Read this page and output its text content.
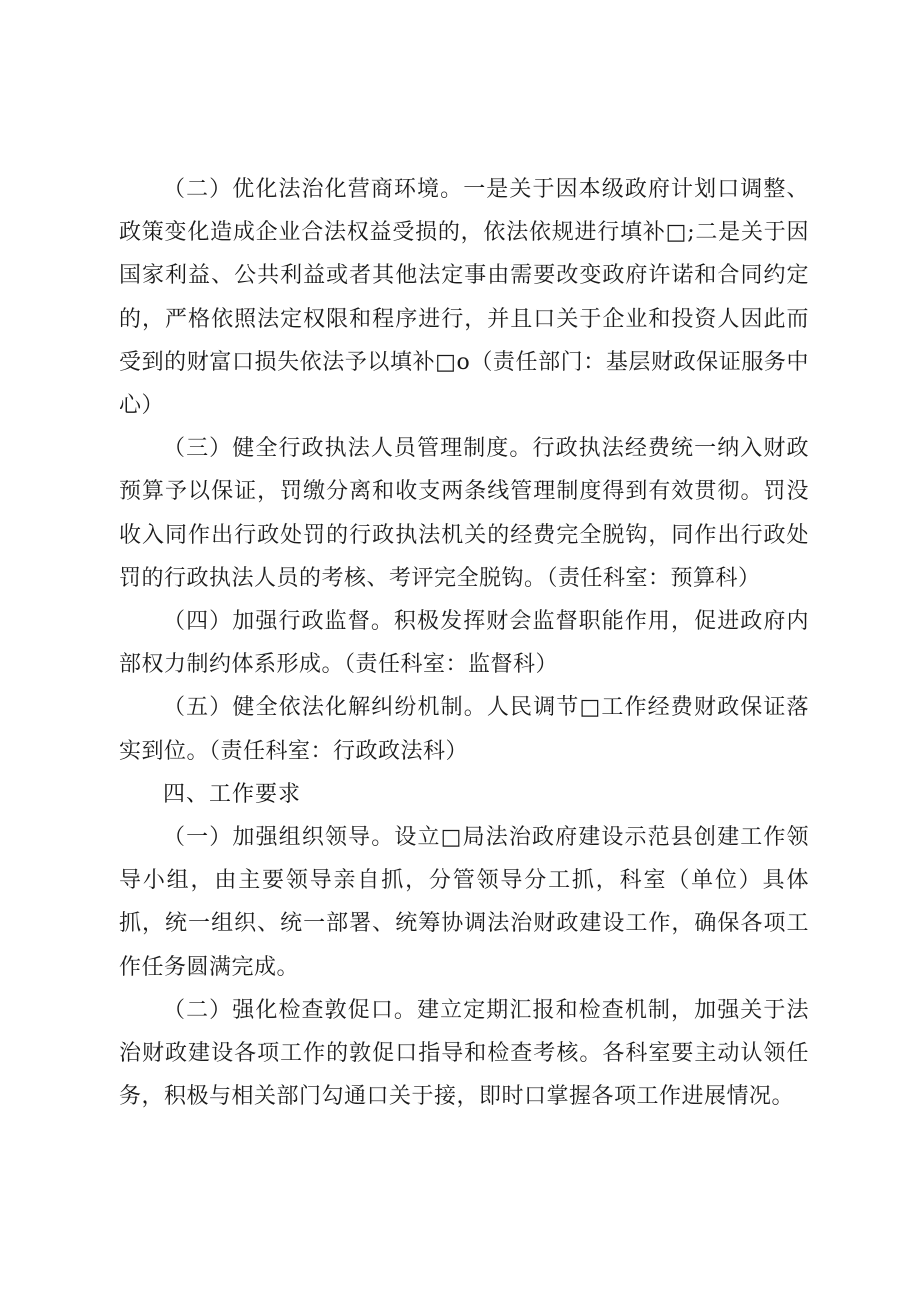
（二）优化法治化营商环境。一是关于因本级政府计划口调整、政策变化造成企业合法权益受损的，依法依规进行填补□;二是关于因国家利益、公共利益或者其他法定事由需要改变政府许诺和合同约定的，严格依照法定权限和程序进行，并且口关于企业和投资人因此而受到的财富口损失依法予以填补□o（责任部门：基层财政保证服务中心）

（三）健全行政执法人员管理制度。行政执法经费统一纳入财政预算予以保证，罚缴分离和收支两条线管理制度得到有效贯彻。罚没收入同作出行政处罚的行政执法机关的经费完全脱钩，同作出行政处罚的行政执法人员的考核、考评完全脱钩。（责任科室：预算科）

（四）加强行政监督。积极发挥财会监督职能作用，促进政府内部权力制约体系形成。（责任科室：监督科）

（五）健全依法化解纠纷机制。人民调节□工作经费财政保证落实到位。（责任科室：行政政法科）

四、工作要求

（一）加强组织领导。设立□局法治政府建设示范县创建工作领导小组，由主要领导亲自抓，分管领导分工抓，科室（单位）具体抓，统一组织、统一部署、统筹协调法治财政建设工作，确保各项工作任务圆满完成。

（二）强化检查敦促口。建立定期汇报和检查机制，加强关于法治财政建设各项工作的敦促口指导和检查考核。各科室要主动认领任务，积极与相关部门勾通口关于接，即时口掌握各项工作进展情况。
